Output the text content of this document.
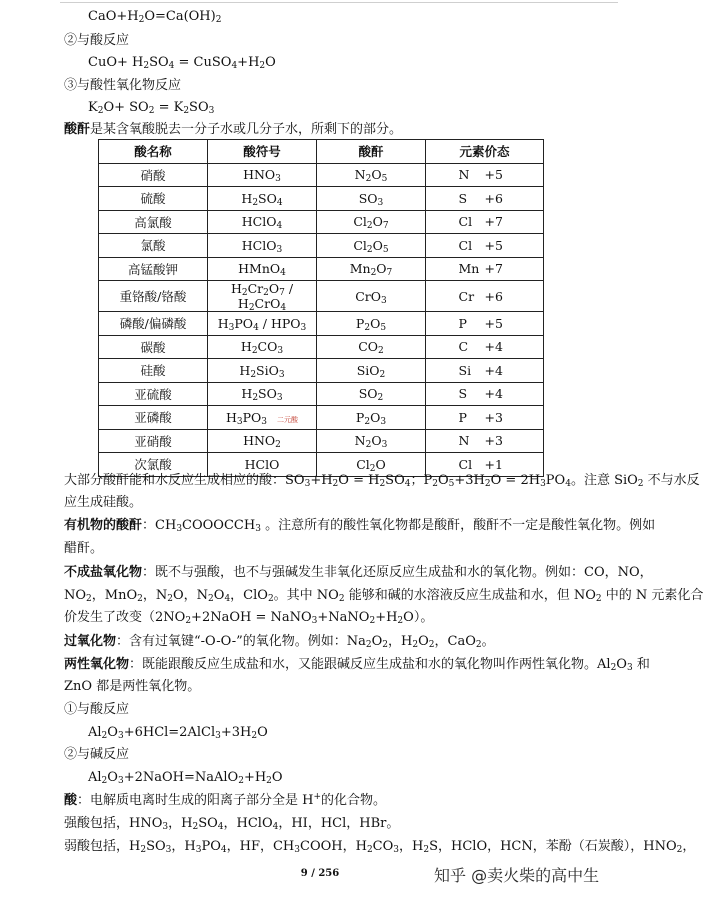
$CaO+H_2O=Ca(OH)_2$
②与酸反应
$CuO+ H_2SO_4$ = $CuSO_4+H_2O$
③与酸性氧化物反应
$K_2O+ SO_2 = K_2SO_3$
酸酐是某含氧酸脱去一分子水或几分子水，所剩下的部分。
酸名称	酸符号	酸酐	元素价态
硝酸	$HNO_3$	$N_2O_5$	N +5
硫酸	$H_2SO_4$	$SO_3$	S +6
高氯酸	HClO$_4$	$Cl_2O_7$	Cl +7
氯酸	HClO$_3$	$Cl_2O_5$	Cl +5
高锰酸钾	HMnO$_4$	$Mn_2O_7$	Mn +7
重铬酸/铬酸	$H_2Cr_2O_7 / H_2CrO_4$	CrO$_3$	Cr +6
磷酸/偏磷酸	$H_3PO_4 / HPO_3$	$P_2O_5$	P +5
碳酸	$H_2CO_3$	$CO_2$	C +4
硅酸	$H_2SiO_3$	SiO$_2$	Si +4
亚硫酸	$H_2SO_3$	$SO_2$	S +4
亚磷酸	$H_3PO_3$ 二元酸	$P_2O_3$	P +3
亚硝酸	$HNO_2$	$N_2O_3$	N +3
次氯酸	HClO	$Cl_2O$	Cl +1
大部分酸酐能和水反应生成相应的酸：$SO_3+H_2O = H_2SO_4$；$P_2O_5+3H_2O = 2H_3PO_4$。注意 SiO$_2$ 不与水反
应生成硅酸。
有机物的酸酐：$CH_3COOOCCH_3$ 。注意所有的酸性氧化物都是酸酐，酸酐不一定是酸性氧化物。例如
醋酐。
不成盐氧化物：既不与强酸，也不与强碱发生非氧化还原反应生成盐和水的氧化物。例如：CO，NO，
$NO_2$，MnO$_2$，$N_2O$，$N_2O_4$，ClO$_2$。其中 $NO_2$ 能够和碱的水溶液反应生成盐和水，但 $NO_2$ 中的 N 元素化合
价发生了改变（$2NO_2+2NaOH$ = $NaNO_3+NaNO_2+H_2O$）。
过氧化物：含有过氧键“-O-O-”的氧化物。例如：$Na_2O_2$，$H_2O_2$，CaO$_2$。
两性氧化物：既能跟酸反应生成盐和水，又能跟碱反应生成盐和水的氧化物叫作两性氧化物。$Al_2O_3$ 和
ZnO 都是两性氧化物。
①与酸反应
$Al_2O_3+6HCl=2AlCl_3+3H_2O$
②与碱反应
$Al_2O_3+2NaOH=NaAlO_2+H_2O$
酸：电解质电离时生成的阳离子部分全是 H+的化合物。
强酸包括，$HNO_3$，$H_2SO_4$，HClO$_4$，HI，HCl，HBr。
弱酸包括，$H_2SO_3$，$H_3PO_4$，HF，$CH_3COOH$，$H_2CO_3$，$H_2S$，HClO，HCN，苯酚（石炭酸），$HNO_2$，
9 / 256	知乎 @卖火柴的高中生
